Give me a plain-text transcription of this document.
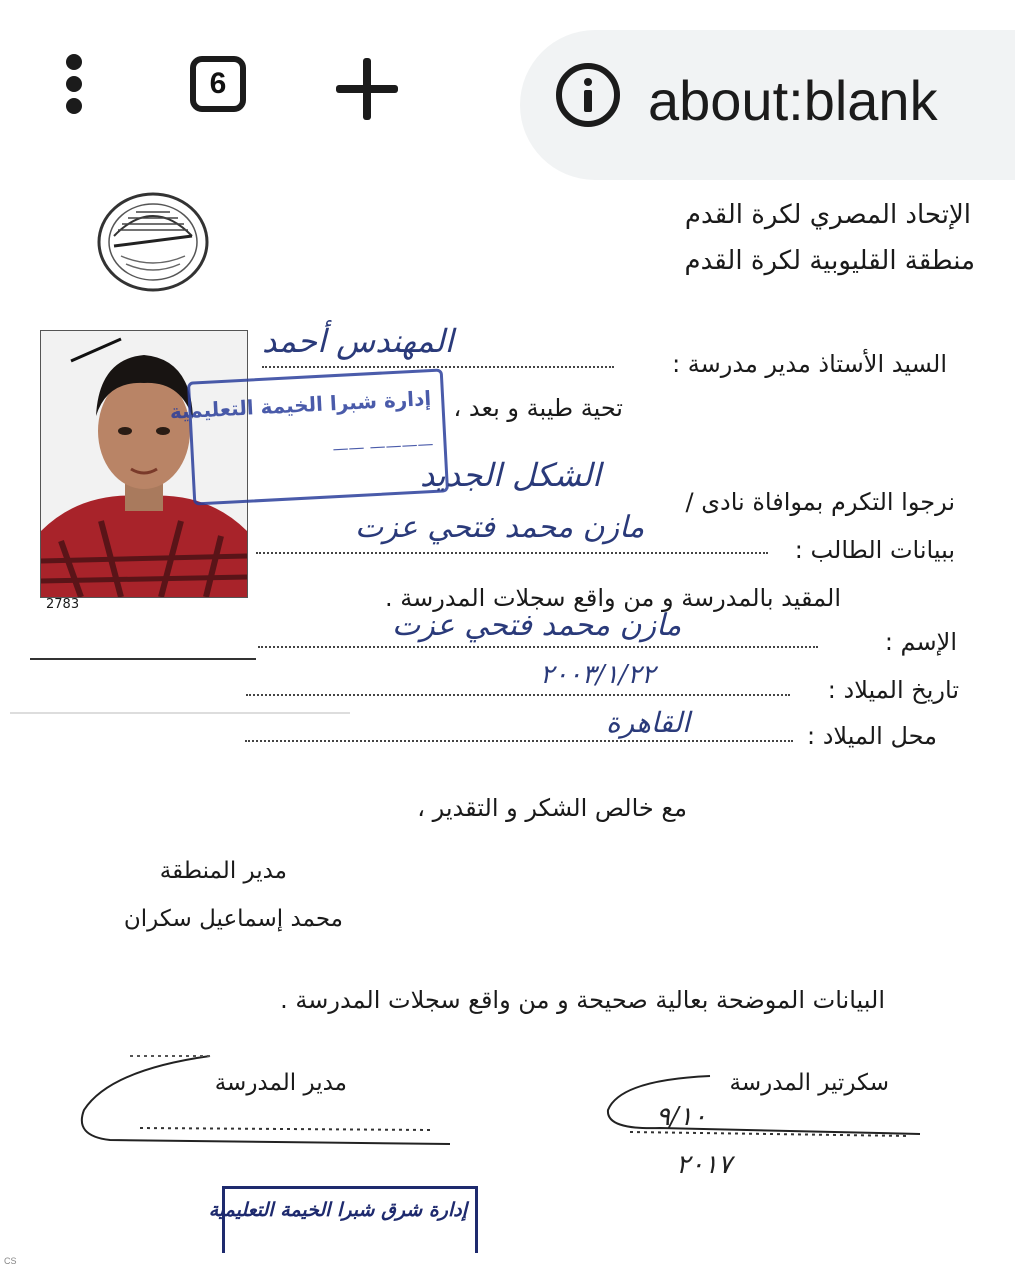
6	about:blank
الإتحاد المصري لكرة القدم
منطقة القليوبية لكرة القدم
2783
إدارة شبرا الخيمة التعليمية
———— ——
السيد الأستاذ مدير مدرسة :
المهندس أحمد
تحية طيبة و بعد ،
نرجوا التكرم بموافاة نادى /
الشكل الجديد
ببيانات الطالب :
مازن محمد فتحي عزت
المقيد بالمدرسة و من واقع سجلات المدرسة .
الإسم :
مازن محمد فتحي عزت
تاريخ الميلاد :
٢٠٠٣/١/٢٢
محل الميلاد :
القاهرة
مع خالص الشكر و التقدير ،
مدير المنطقة
محمد إسماعيل سكران
البيانات الموضحة بعالية صحيحة و من واقع سجلات المدرسة .
مدير المدرسة	سكرتير المدرسة
٩/١٠
٢٠١٧
إدارة شرق شبرا الخيمة التعليمية
CS
